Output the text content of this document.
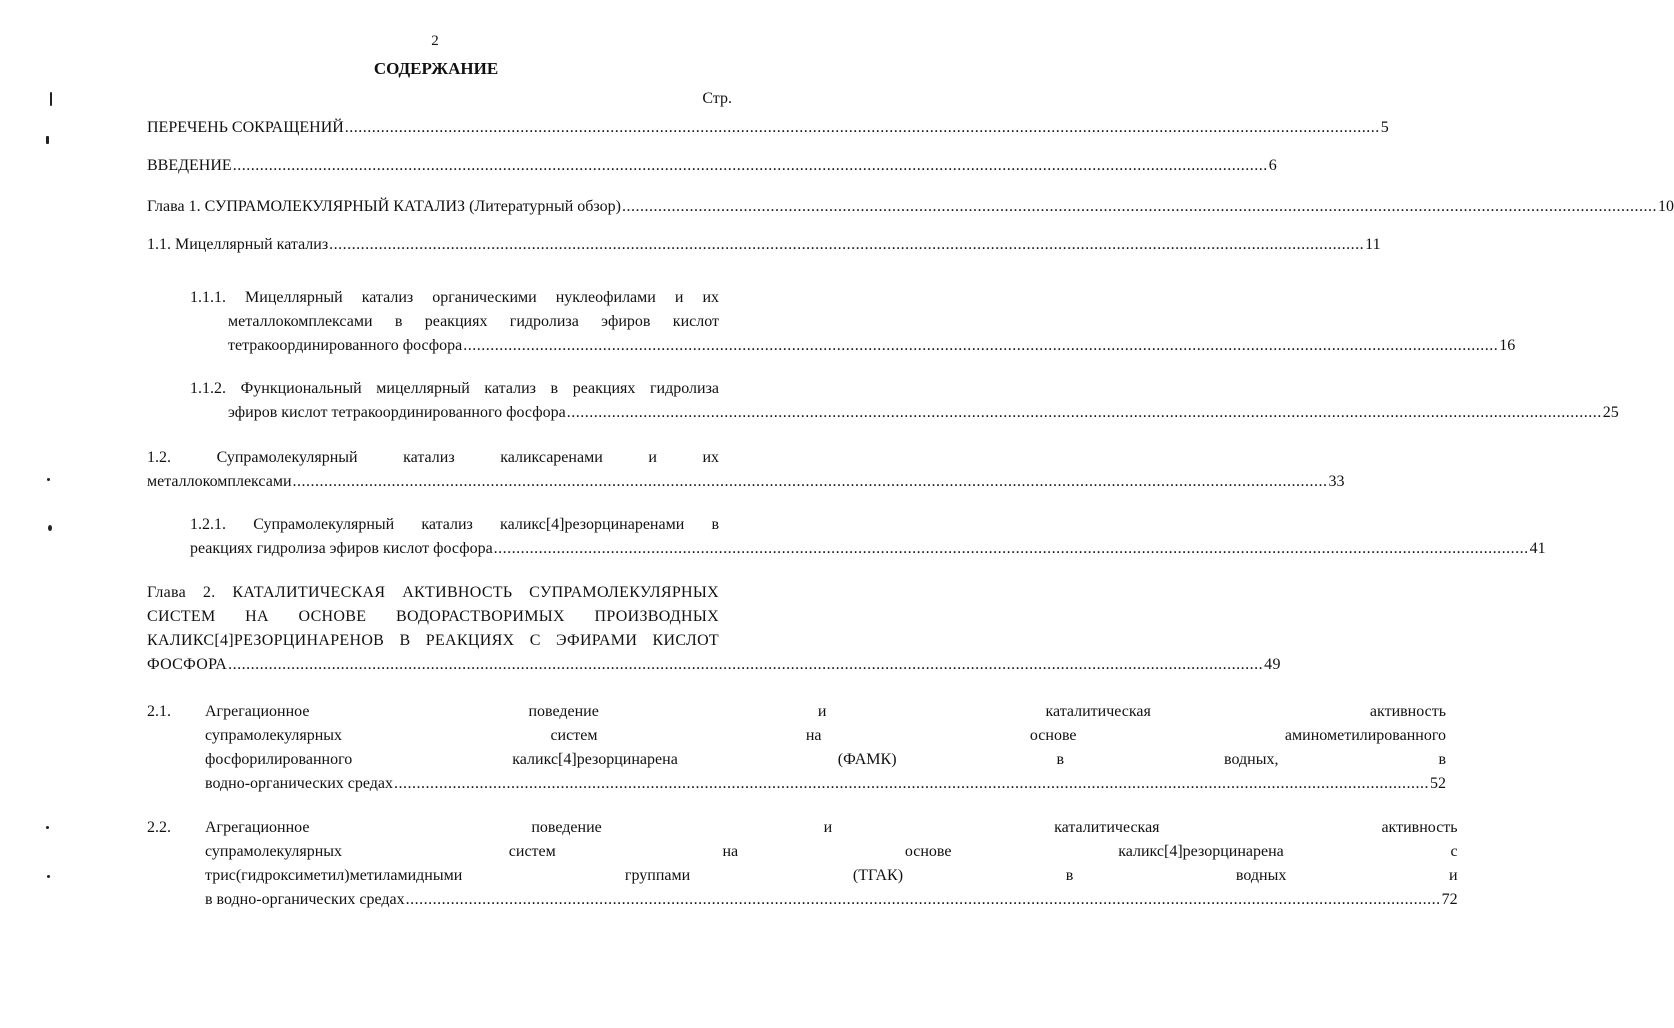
2
СОДЕРЖАНИЕ
Стр.
ПЕРЕЧЕНЬ СОКРАЩЕНИЙ .....	5
ВВЕДЕНИЕ .....	6
Глава 1. СУПРАМОЛЕКУЛЯРНЫЙ КАТАЛИЗ (Литературный обзор) .....	10
1.1. Мицеллярный катализ .....	11
1.1.1. Мицеллярный катализ органическими нуклеофилами и их
металлокомплексами в реакциях гидролиза эфиров кислот
тетракоординированного фосфора .....	16
1.1.2. Функциональный мицеллярный катализ в реакциях гидролиза
эфиров кислот тетракоординированного фосфора .....	25
1.2.	Супрамолекулярный катализ каликсаренами и их
металлокомплексами .....	33
1.2.1. Супрамолекулярный катализ каликс[4]резорцинаренами в
реакциях гидролиза эфиров кислот фосфора .....	41
Глава 2. КАТАЛИТИЧЕСКАЯ АКТИВНОСТЬ СУПРАМОЛЕКУЛЯРНЫХ
СИСТЕМ НА ОСНОВЕ ВОДОРАСТВОРИМЫХ ПРОИЗВОДНЫХ
КАЛИКС[4]РЕЗОРЦИНАРЕНОВ В РЕАКЦИЯХ С ЭФИРАМИ КИСЛОТ
ФОСФОРА .....	49
2.1.	Агрегационное поведение и каталитическая активность
супрамолекулярных систем на основе аминометилированного
фосфорилированного каликс[4]резорцинарена (ФАМК) в водных, в
водно-органических средах .....	52
2.2.	Агрегационное поведение и каталитическая активность
супрамолекулярных систем на основе каликс[4]резорцинарена с
трис(гидроксиметил)метиламидными группами (ТГАК) в водных и
в водно-органических средах .....	72
